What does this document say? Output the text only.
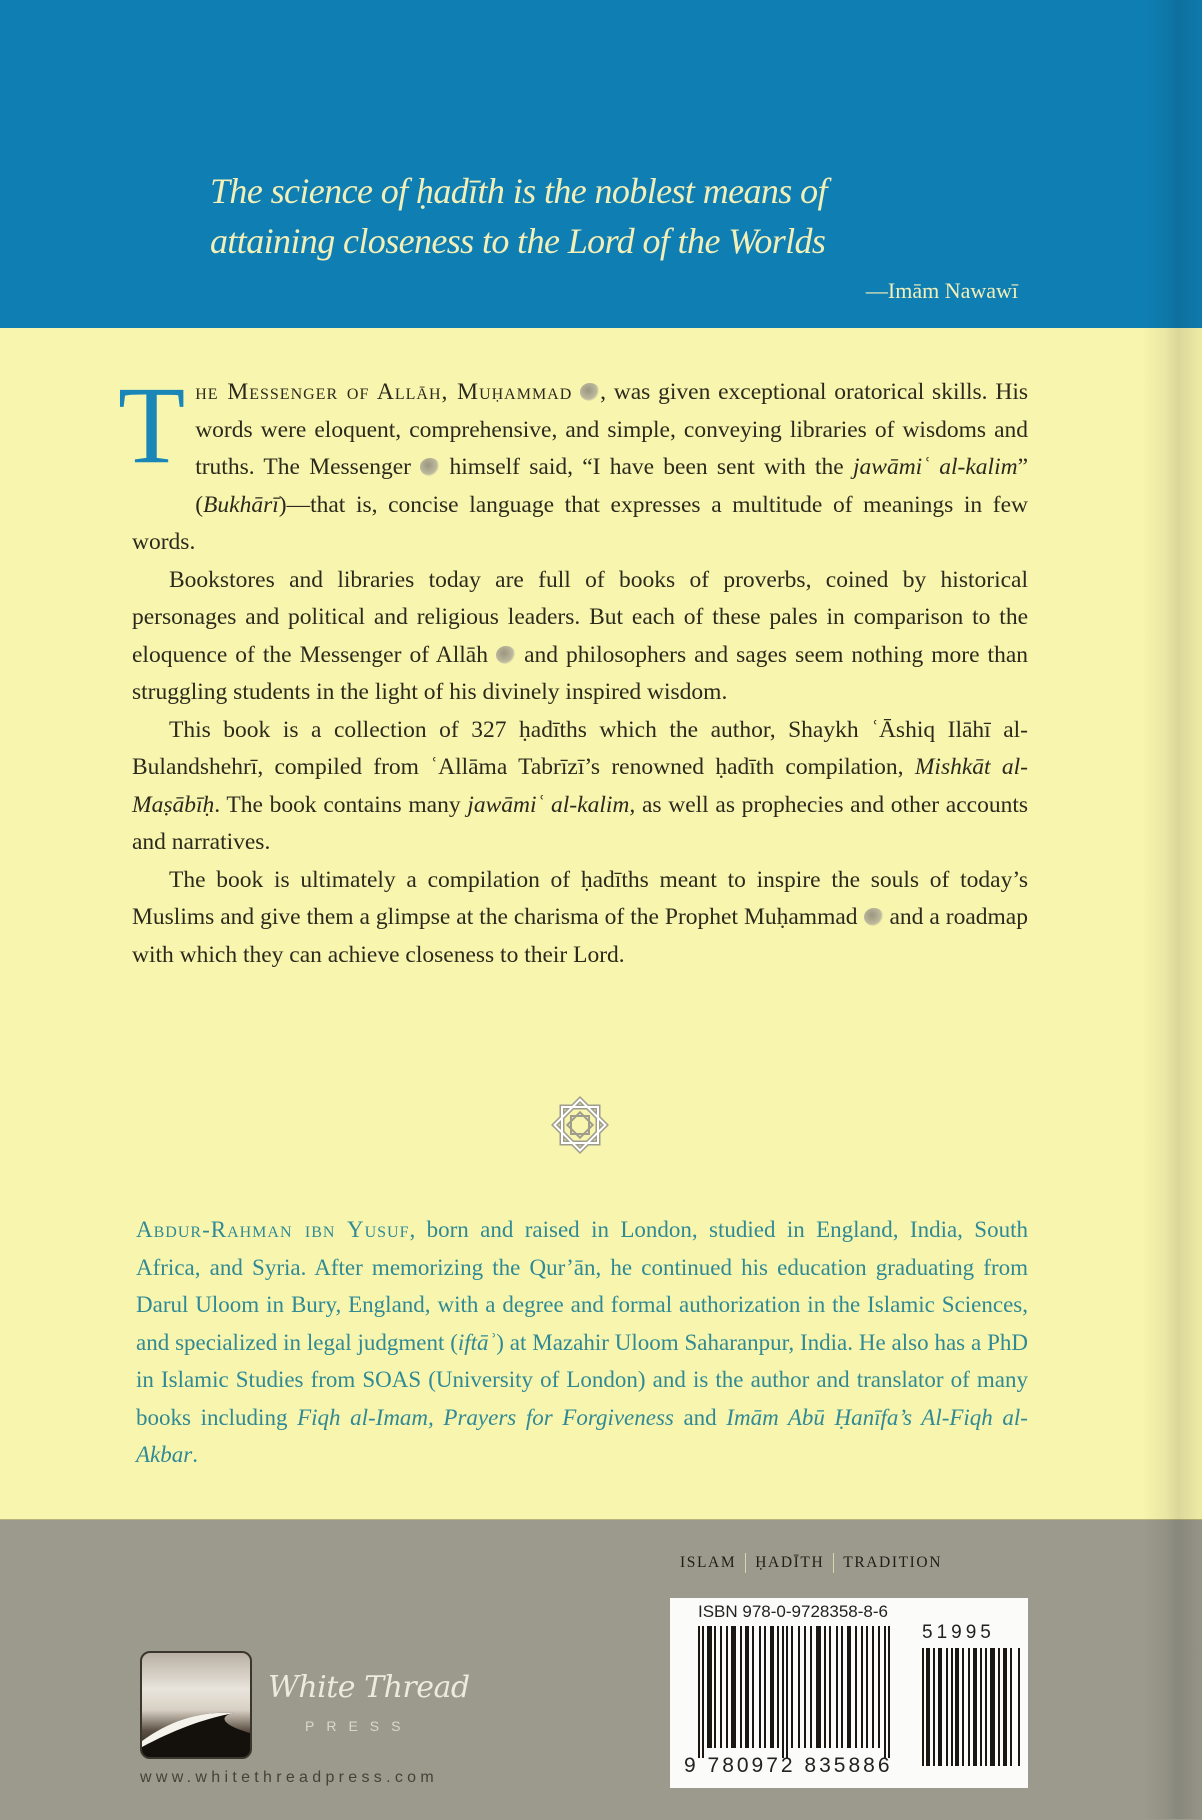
The science of ḥadīth is the noblest means of
attaining closeness to the Lord of the Worlds
—Imām Nawawī

The Messenger of Allāh, Muḥammad , was given exceptional oratorical skills. His words were eloquent, comprehensive, and simple, conveying libraries of wisdoms and truths. The Messenger  himself said, “I have been sent with the jawāmiʿ al-kalim” (Bukhārī)—that is, concise language that expresses a multitude of meanings in few words.

Bookstores and libraries today are full of books of proverbs, coined by historical personages and political and religious leaders. But each of these pales in comparison to the eloquence of the Messenger of Allāh  and philosophers and sages seem nothing more than struggling students in the light of his divinely inspired wisdom.

This book is a collection of 327 ḥadīths which the author, Shaykh ʿĀshiq Ilāhī al-Bulandshehrī, compiled from ʿAllāma Tabrīzī’s renowned ḥadīth compilation, Mishkāt al-Maṣābīḥ. The book contains many jawāmiʿ al-kalim, as well as prophecies and other accounts and narratives.

The book is ultimately a compilation of ḥadīths meant to inspire the souls of today’s Muslims and give them a glimpse at the charisma of the Prophet Muḥammad  and a roadmap with which they can achieve closeness to their Lord.

Abdur-Rahman ibn Yusuf, born and raised in London, studied in England, India, South Africa, and Syria. After memorizing the Qur’ān, he continued his education graduating from Darul Uloom in Bury, England, with a degree and formal authorization in the Islamic Sciences, and specialized in legal judgment (iftāʾ) at Mazahir Uloom Saharanpur, India. He also has a PhD in Islamic Studies from SOAS (University of London) and is the author and translator of many books including Fiqh al-Imam, Prayers for Forgiveness and Imām Abū Ḥanīfa’s Al-Fiqh al-Akbar.

ISLAM ḤADĪTH TRADITION
ISBN 978-0-9728358-8-6
51995
9 780972 835886
White Thread
PRESS
www.whitethreadpress.com
